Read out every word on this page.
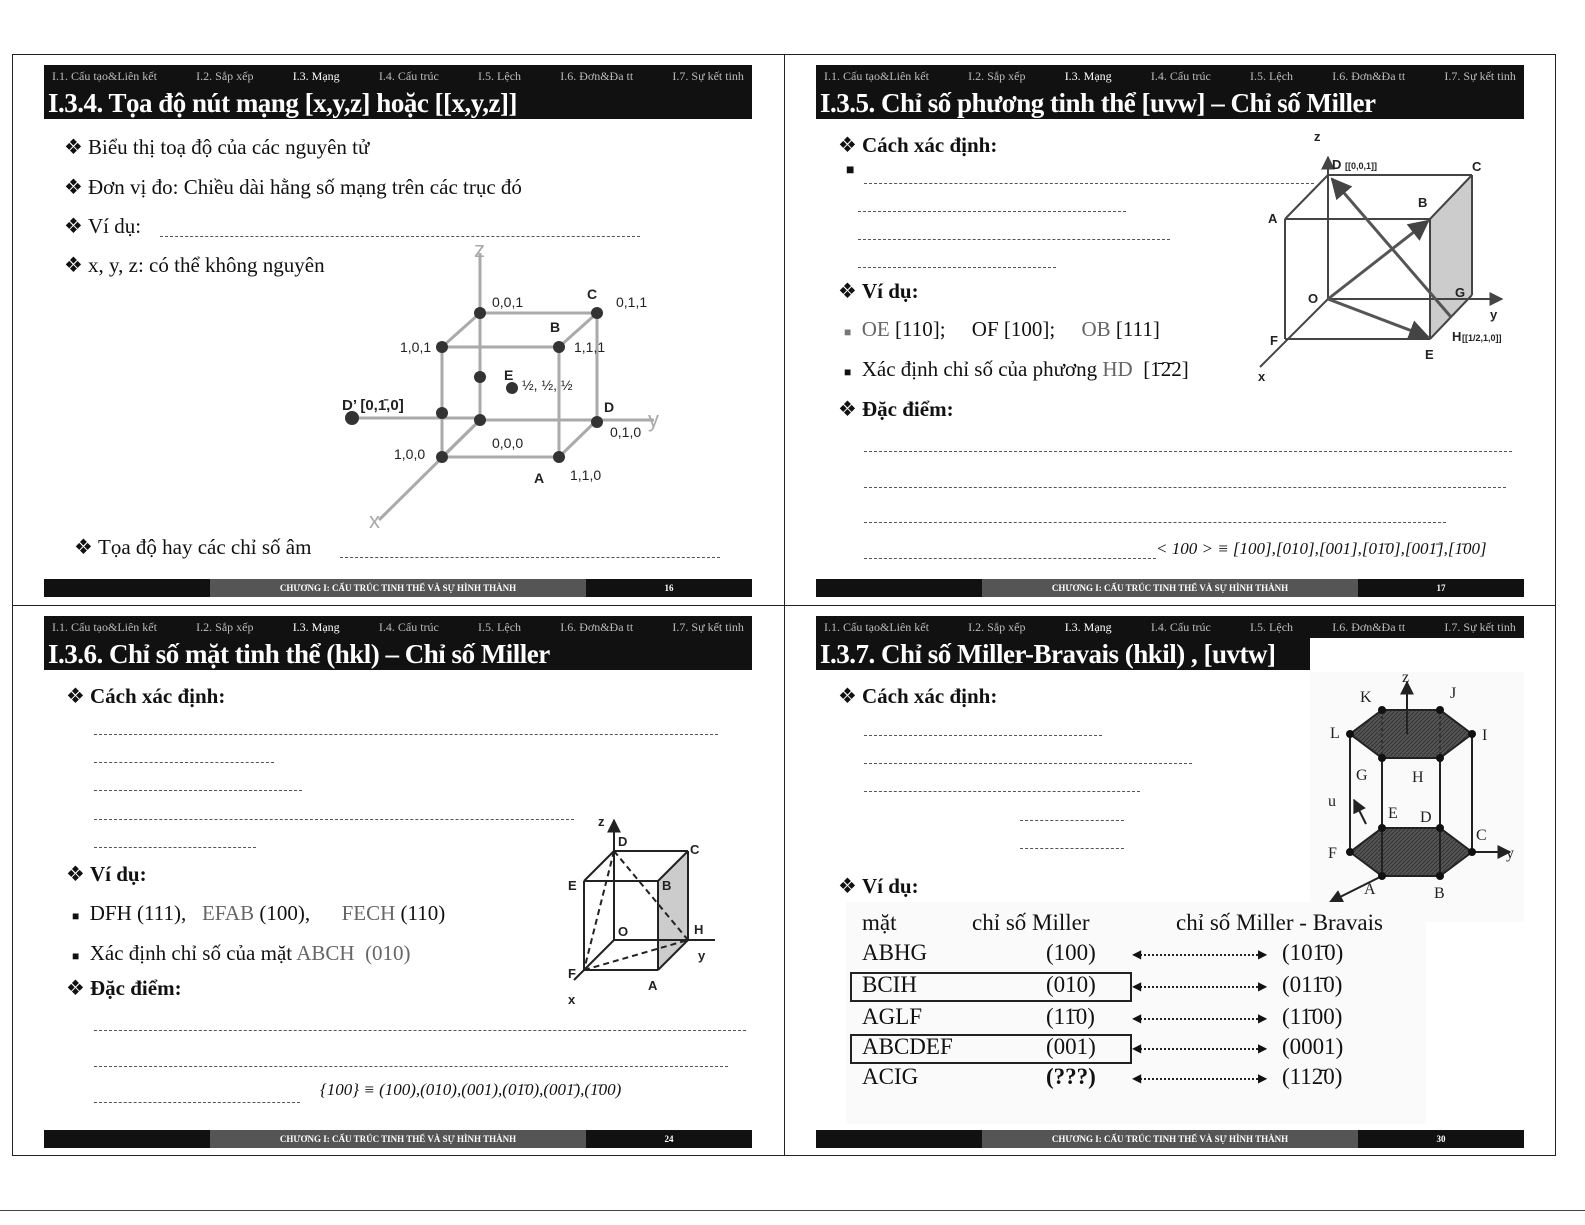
I.1. Cấu tạo&Liên kết	I.2. Sắp xếp	I.3. Mạng	I.4. Cấu trúc	I.5. Lệch	I.6. Đơn&Đa tt	I.7. Sự kết tinh
I.3.4. Tọa độ nút mạng [x,y,z] hoặc [[x,y,z]]
❖ Biểu thị toạ độ của các nguyên tử
❖ Đơn vị đo: Chiều dài hằng số mạng trên các trục đó
❖ Ví dụ:
❖ x, y, z: có thể không nguyên
z
y
x
0,0,1	C 0,1,1
B
1,0,1	1,1,1
E
½, ½, ½
D’ [0,1̄,0]	D
0,1,0
0,0,0
1,0,0
A 1,1,0
❖ Tọa độ hay các chỉ số âm
CHƯƠNG I: CẤU TRÚC TINH THỂ VÀ SỰ HÌNH THÀNH	16
I.1. Cấu tạo&Liên kết	I.2. Sắp xếp	I.3. Mạng	I.4. Cấu trúc	I.5. Lệch	I.6. Đơn&Đa tt	I.7. Sự kết tinh
I.3.5. Chỉ số phương tinh thể [uvw] – Chỉ số Miller
❖ Cách xác định:
■
❖ Ví dụ:
■ OE [110]; OF [100]; OB [111]
■ Xác định chỉ số của phương HD [1̄2̄2]
❖ Đặc điểm:
< 100 > ≡ [100],[010],[001],[01̄0],[001̄],[1̄00]
z
D [[0,0,1]]	C
A
B
O	G
y
F	H [[1/2,1,0]]
E
x
CHƯƠNG I: CẤU TRÚC TINH THỂ VÀ SỰ HÌNH THÀNH	17
I.1. Cấu tạo&Liên kết	I.2. Sắp xếp	I.3. Mạng	I.4. Cấu trúc	I.5. Lệch	I.6. Đơn&Đa tt	I.7. Sự kết tinh
I.3.6. Chỉ số mặt tinh thể (hkl) – Chỉ số Miller
❖ Cách xác định:
❖ Ví dụ:
■ DFH (111), EFAB (100), FECH (110)
■ Xác định chỉ số của mặt ABCH (010)
❖ Đặc điểm:
{100} ≡ (100),(010),(001),(01̄0),(001̄),(1̄00)
z
D
C
E	B
O	H
y
F
A
x
CHƯƠNG I: CẤU TRÚC TINH THỂ VÀ SỰ HÌNH THÀNH	24
I.1. Cấu tạo&Liên kết	I.2. Sắp xếp	I.3. Mạng	I.4. Cấu trúc	I.5. Lệch	I.6. Đơn&Đa tt	I.7. Sự kết tinh
I.3.7. Chỉ số Miller-Bravais (hkil) , [uvtw]
❖ Cách xác định:
❖ Ví dụ:
z
K	J
L	I
G	H
u
E D
C
F	y
A	B
mặt	chỉ số Miller	chỉ số Miller - Bravais
ABHG	(100)	◀	▶ (101̄0)
BCIH	(010)	◀	▶ (011̄0)
AGLF	(11̄0)	◀	▶ (11̄00)
ABCDEF	(001)	◀	▶ (0001)
ACIG	(???)	◀	▶ (112̄0)
CHƯƠNG I: CẤU TRÚC TINH THỂ VÀ SỰ HÌNH THÀNH	30
